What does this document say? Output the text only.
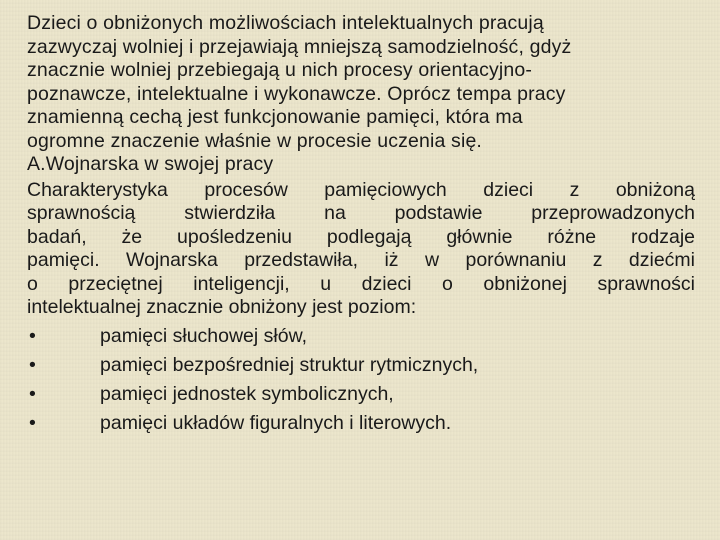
Dzieci o obniżonych możliwościach intelektualnych pracują
zazwyczaj wolniej i przejawiają mniejszą samodzielność, gdyż
znacznie wolniej przebiegają u nich procesy orientacyjno-
poznawcze, intelektualne i wykonawcze. Oprócz tempa pracy
znamienną cechą jest funkcjonowanie pamięci, która ma
ogromne znaczenie właśnie w procesie uczenia się.
A.Wojnarska w swojej pracy

Charakterystyka procesów pamięciowych dzieci z obniżoną
sprawnością stwierdziła na podstawie przeprowadzonych
badań, że upośledzeniu podlegają głównie różne rodzaje
pamięci. Wojnarska przedstawiła, iż w porównaniu z dziećmi
o przeciętnej inteligencji, u dzieci o obniżonej sprawności
intelektualnej znacznie obniżony jest poziom:

•	pamięci słuchowej słów,
•	pamięci bezpośredniej struktur rytmicznych,
•	pamięci jednostek symbolicznych,
•	pamięci układów figuralnych i literowych.
